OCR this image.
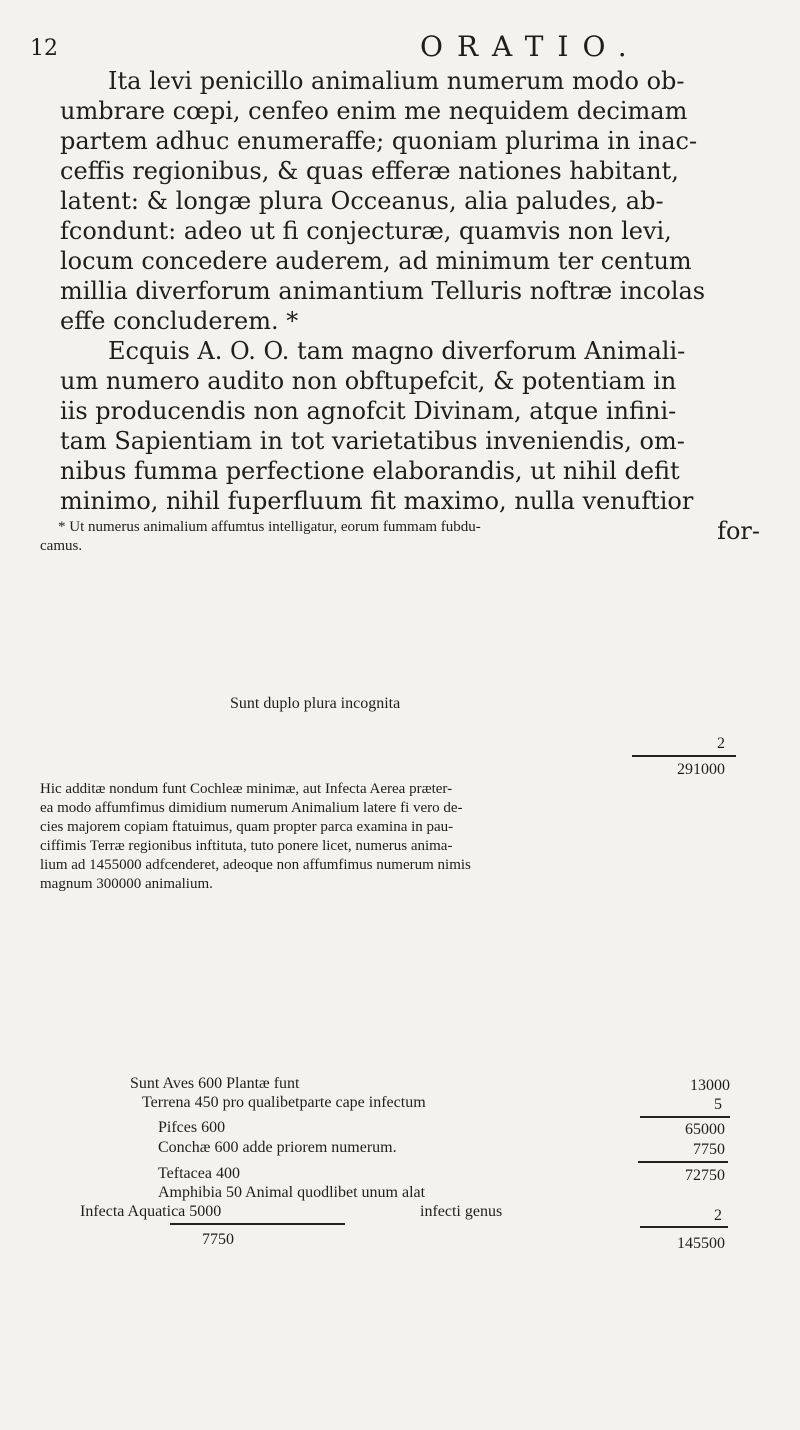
12	ORATIO.
Ita levi penicillo animalium numerum modo ob-
umbrare cœpi, cenfeo enim me nequidem decimam
partem adhuc enumeraffe; quoniam plurima in inac-
ceffis regionibus, & quas efferæ nationes habitant,
latent: & longæ plura Occeanus, alia paludes, ab-
fcondunt: adeo ut fi conjecturæ, quamvis non levi,
locum concedere auderem, ad minimum ter centum
millia diverforum animantium Telluris noftræ incolas
effe concluderem. *
Ecquis A. O. O. tam magno diverforum Animali-
um numero audito non obftupefcit, & potentiam in
iis producendis non agnofcit Divinam, atque infini-
tam Sapientiam in tot varietatibus inveniendis, om-
nibus fumma perfectione elaborandis, ut nihil defit
minimo, nihil fuperfluum fit maximo, nulla venuftior
for-
* Ut numerus animalium affumtus intelligatur, eorum fummam fubdu-
camus.
Sunt Aves 600 Plantæ funt	13000
Terrena 450 pro qualibetparte cape infectum	5
Pifces 600	65000
Conchæ 600 adde priorem numerum.	7750
Teftacea 400	72750
Amphibia 50 Animal quodlibet unum alat
Infecta Aquatica 5000	infecti genus	2
7750	145500
Sunt duplo plura incognita
2
291000
Hic additæ nondum funt Cochleæ minimæ, aut Infecta Aerea præter-
ea modo affumfimus dimidium numerum Animalium latere fi vero de-
cies majorem copiam ftatuimus, quam propter parca examina in pau-
ciffimis Terræ regionibus inftituta, tuto ponere licet, numerus anima-
lium ad 1455000 adfcenderet, adeoque non affumfimus numerum nimis
magnum 300000 animalium.
